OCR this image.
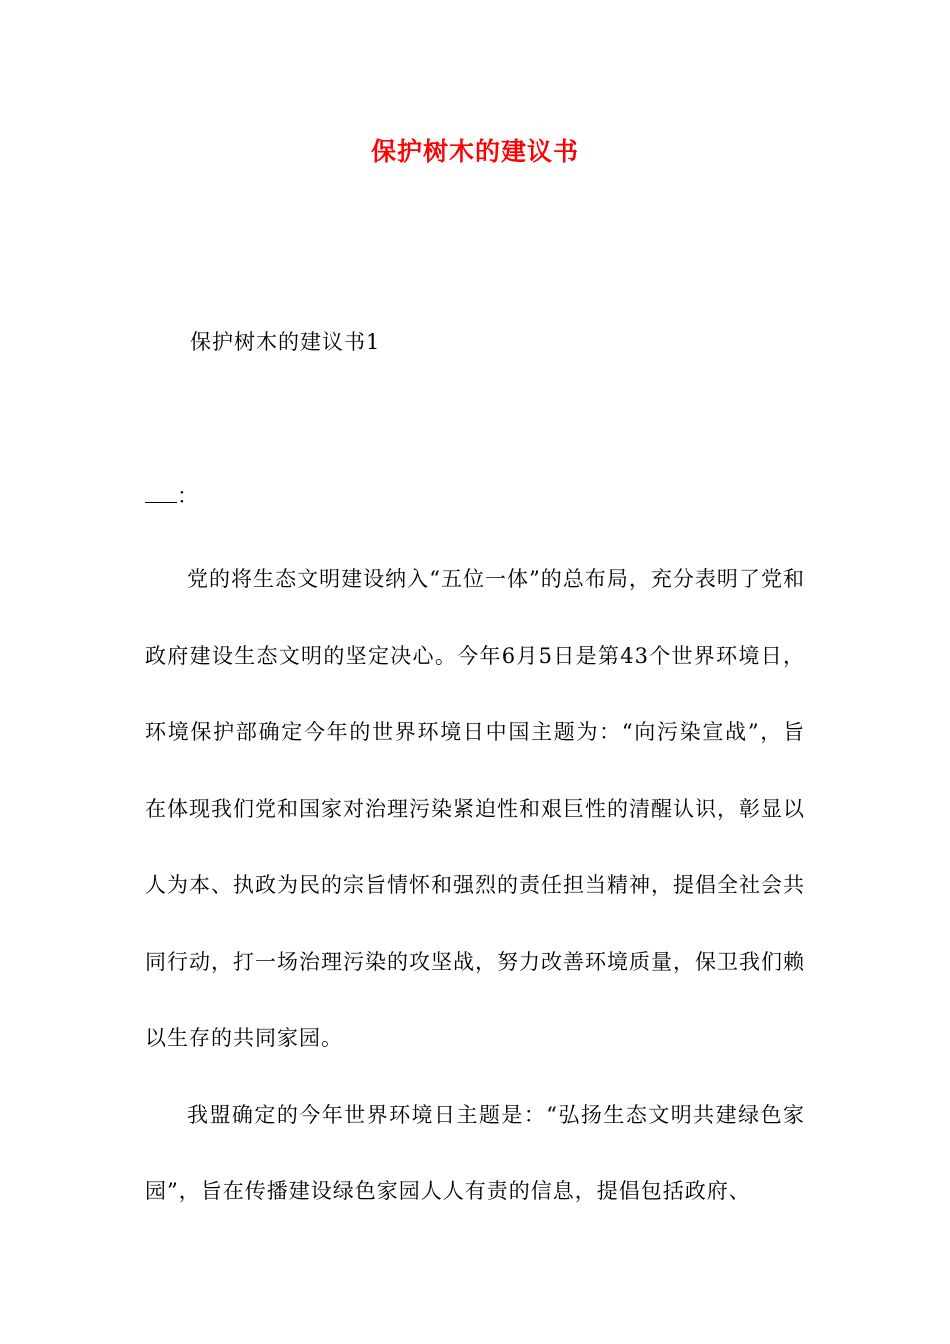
保护树木的建议书
保护树木的建议书1
：

党的将生态文明建设纳入“五位一体”的总布局，充分表明了党和政府建设生态文明的坚定决心。今年6月5日是第43个世界环境日，环境保护部确定今年的世界环境日中国主题为：“向污染宣战”，旨在体现我们党和国家对治理污染紧迫性和艰巨性的清醒认识，彰显以人为本、执政为民的宗旨情怀和强烈的责任担当精神，提倡全社会共同行动，打一场治理污染的攻坚战，努力改善环境质量，保卫我们赖以生存的共同家园。

我盟确定的今年世界环境日主题是：“弘扬生态文明共建绿色家园”，旨在传播建设绿色家园人人有责的信息，提倡包括政府、
